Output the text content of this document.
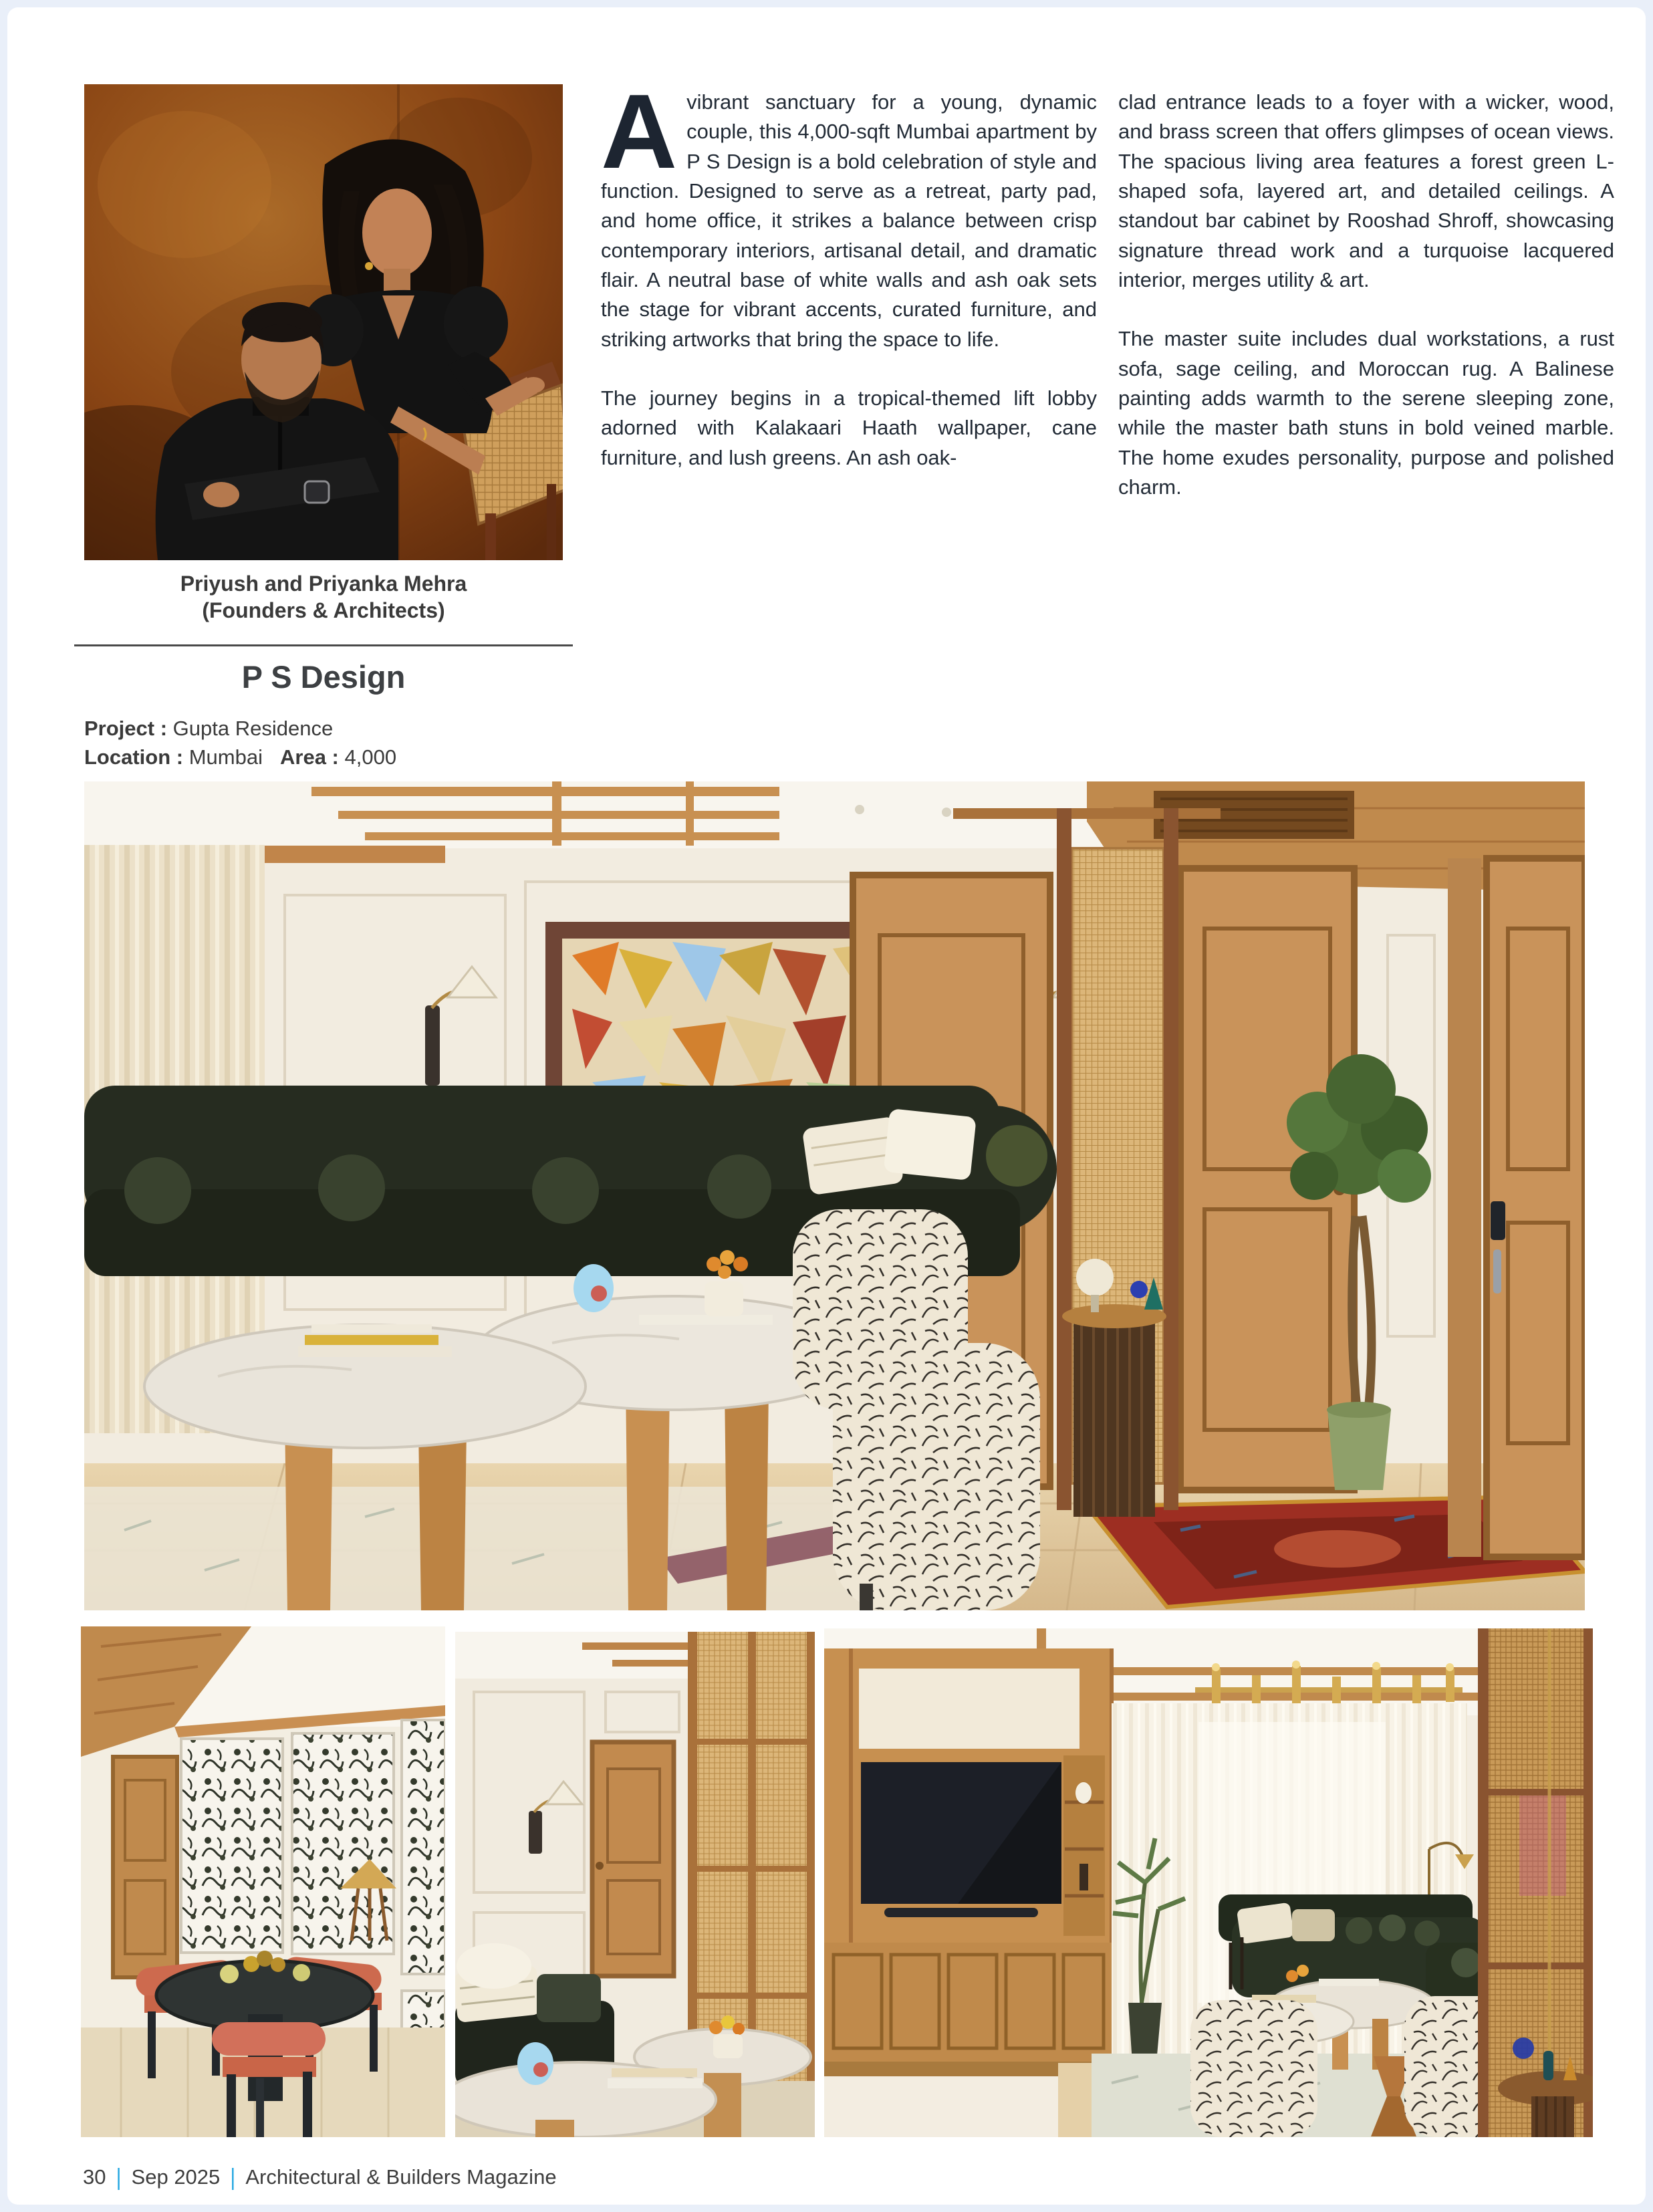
Priyush and Priyanka Mehra
(Founders & Architects)
P S Design
Project : Gupta Residence
Location : Mumbai Area : 4,000

Avibrant sanctuary for a young, dynamic couple, this 4,000-sqft Mumbai apartment by P S Design is a bold celebration of style and function. Designed to serve as a retreat, party pad, and home office, it strikes a balance between crisp contemporary interiors, artisanal detail, and dramatic flair. A neutral base of white walls and ash oak sets the stage for vibrant accents, curated furniture, and striking artworks that bring the space to life.

The journey begins in a tropical-themed lift lobby adorned with Kalakaari Haath wallpaper, cane furniture, and lush greens. An ash oak-

clad entrance leads to a foyer with a wicker, wood, and brass screen that offers glimpses of ocean views. The spacious living area features a forest green L-shaped sofa, layered art, and detailed ceilings. A standout bar cabinet by Rooshad Shroff, showcasing signature thread work and a turquoise lacquered interior, merges utility & art.

The master suite includes dual workstations, a rust sofa, sage ceiling, and Moroccan rug. A Balinese painting adds warmth to the serene sleeping zone, while the master bath stuns in bold veined marble. The home exudes personality, purpose and polished charm.

30 | Sep 2025 | Architectural & Builders Magazine
